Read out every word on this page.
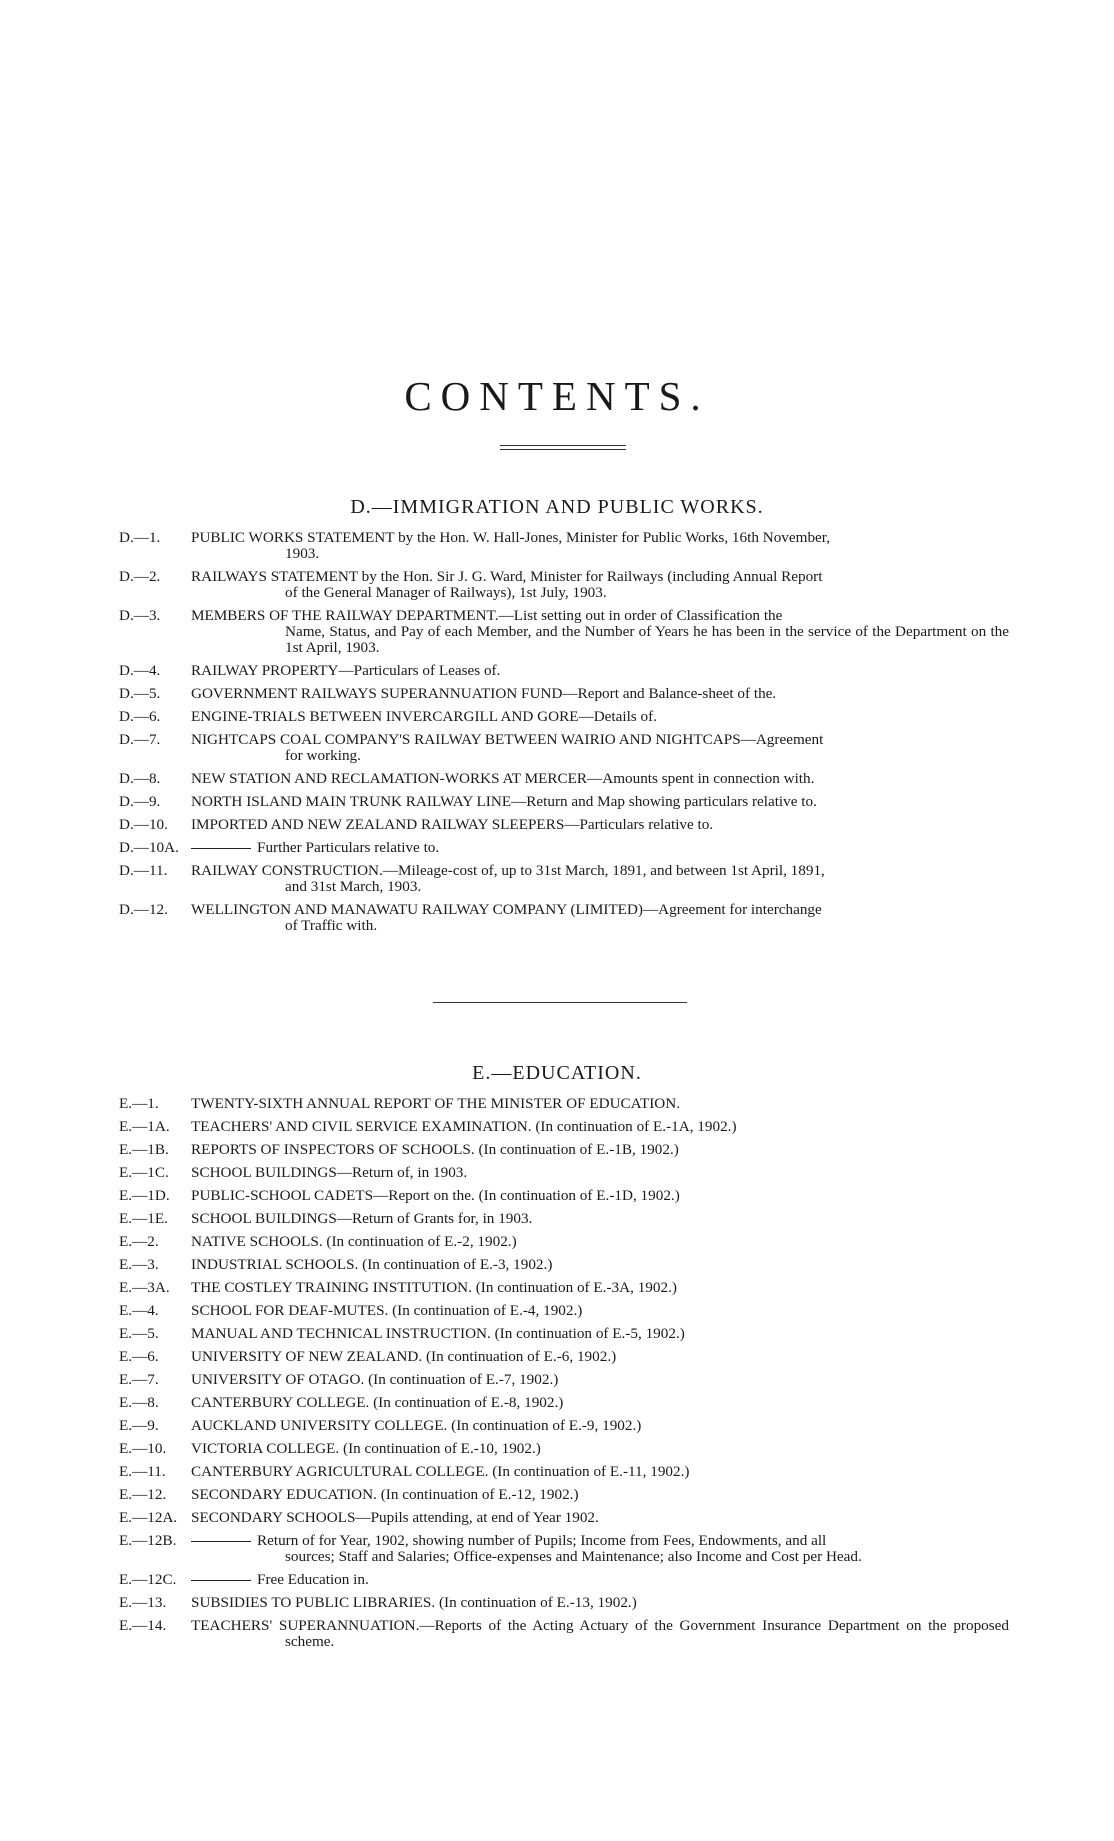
CONTENTS.
D.—IMMIGRATION AND PUBLIC WORKS.
D.—1.	PUBLIC WORKS STATEMENT by the Hon. W. Hall-Jones, Minister for Public Works, 16th November,
1903.
D.—2.	RAILWAYS STATEMENT by the Hon. Sir J. G. Ward, Minister for Railways (including Annual Report
of the General Manager of Railways), 1st July, 1903.
D.—3.	MEMBERS OF THE RAILWAY DEPARTMENT.—List setting out in order of Classification the
Name, Status, and Pay of each Member, and the Number of Years he has been in the service of the Department on the 1st April, 1903.
D.—4.	RAILWAY PROPERTY—Particulars of Leases of.
D.—5.	GOVERNMENT RAILWAYS SUPERANNUATION FUND—Report and Balance-sheet of the.
D.—6.	ENGINE-TRIALS BETWEEN INVERCARGILL AND GORE—Details of.
D.—7.	NIGHTCAPS COAL COMPANY'S RAILWAY BETWEEN WAIRIO AND NIGHTCAPS—Agreement
for working.
D.—8.	NEW STATION AND RECLAMATION-WORKS AT MERCER—Amounts spent in connection with.
D.—9.	NORTH ISLAND MAIN TRUNK RAILWAY LINE—Return and Map showing particulars relative to.
D.—10.	IMPORTED AND NEW ZEALAND RAILWAY SLEEPERS—Particulars relative to.
D.—10A.	Further Particulars relative to.
D.—11.	RAILWAY CONSTRUCTION.—Mileage-cost of, up to 31st March, 1891, and between 1st April, 1891,
and 31st March, 1903.
D.—12.	WELLINGTON AND MANAWATU RAILWAY COMPANY (LIMITED)—Agreement for interchange
of Traffic with.
E.—EDUCATION.
E.—1.	TWENTY-SIXTH ANNUAL REPORT OF THE MINISTER OF EDUCATION.
E.—1A.	TEACHERS' AND CIVIL SERVICE EXAMINATION. (In continuation of E.-1A, 1902.)
E.—1B.	REPORTS OF INSPECTORS OF SCHOOLS. (In continuation of E.-1B, 1902.)
E.—1C.	SCHOOL BUILDINGS—Return of, in 1903.
E.—1D.	PUBLIC-SCHOOL CADETS—Report on the. (In continuation of E.-1D, 1902.)
E.—1E.	SCHOOL BUILDINGS—Return of Grants for, in 1903.
E.—2.	NATIVE SCHOOLS. (In continuation of E.-2, 1902.)
E.—3.	INDUSTRIAL SCHOOLS. (In continuation of E.-3, 1902.)
E.—3A.	THE COSTLEY TRAINING INSTITUTION. (In continuation of E.-3A, 1902.)
E.—4.	SCHOOL FOR DEAF-MUTES. (In continuation of E.-4, 1902.)
E.—5.	MANUAL AND TECHNICAL INSTRUCTION. (In continuation of E.-5, 1902.)
E.—6.	UNIVERSITY OF NEW ZEALAND. (In continuation of E.-6, 1902.)
E.—7.	UNIVERSITY OF OTAGO. (In continuation of E.-7, 1902.)
E.—8.	CANTERBURY COLLEGE. (In continuation of E.-8, 1902.)
E.—9.	AUCKLAND UNIVERSITY COLLEGE. (In continuation of E.-9, 1902.)
E.—10.	VICTORIA COLLEGE. (In continuation of E.-10, 1902.)
E.—11.	CANTERBURY AGRICULTURAL COLLEGE. (In continuation of E.-11, 1902.)
E.—12.	SECONDARY EDUCATION. (In continuation of E.-12, 1902.)
E.—12A. SECONDARY SCHOOLS—Pupils attending, at end of Year 1902.
E.—12B.	Return of for Year, 1902, showing number of Pupils; Income from Fees, Endowments, and all
sources; Staff and Salaries; Office-expenses and Maintenance; also Income and Cost per Head.
E.—12C.	Free Education in.
E.—13.	SUBSIDIES TO PUBLIC LIBRARIES. (In continuation of E.-13, 1902.)
E.—14.	TEACHERS' SUPERANNUATION.—Reports of the Acting Actuary of the Government Insurance Department on the proposed scheme.
